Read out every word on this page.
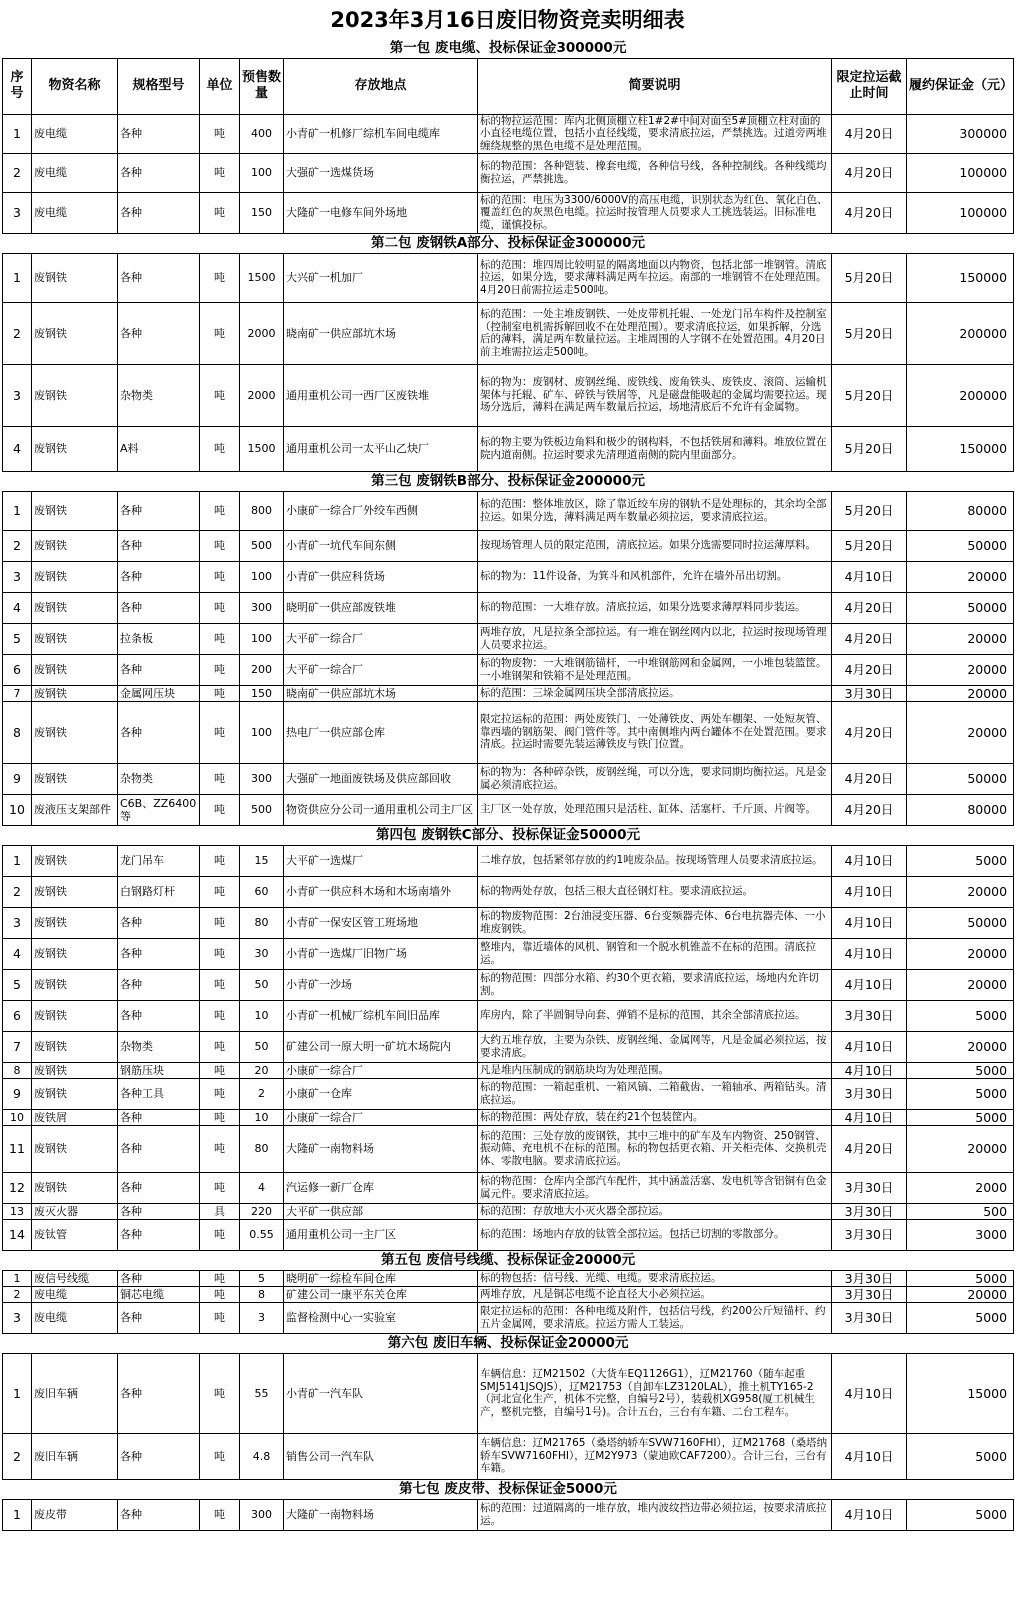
2023年3月16日废旧物资竞卖明细表
第一包 废电缆、投标保证金300000元								
序号	物资名称	规格型号	单位	预售数量	存放地点	简要说明	限定拉运截止时间	履约保证金（元）
1	废电缆	各种	吨	400	小青矿一机修厂综机车间电缆库	标的物拉运范围：库内北侧顶棚立柱1#2#中间对面至5#顶棚立柱对面的小直径电缆位置，包括小直径线缆，要求清底拉运，严禁挑选。过道旁两堆缠绕规整的黑色电缆不是处理范围。	4月20日	300000
2	废电缆	各种	吨	100	大强矿一选煤货场	标的物范围：各种铠装、橡套电缆，各种信号线，各种控制线。各种线缆均衡拉运，严禁挑选。	4月20日	100000
3	废电缆	各种	吨	150	大隆矿一电修车间外场地	标的范围：电压为3300/6000V的高压电缆，识别状态为红色、氧化白色、覆盖红色的灰黑色电缆。拉运时按管理人员要求人工挑选装运。旧标准电缆，谨慎投标。	4月20日	100000
第二包 废钢铁A部分、投标保证金300000元								
1	废钢铁	各种	吨	1500	大兴矿一机加厂	标的范围：堆四周比较明显的隔离地面以内物资，包括北部一堆钢管。清底拉运，如果分选，要求薄料满足两车拉运。南部的一堆钢管不在处理范围。4月20日前需拉运走500吨。	5月20日	150000
2	废钢铁	各种	吨	2000	晓南矿一供应部坑木场	标的范围：一处主堆废钢铁、一处皮带机托辊、一处龙门吊车构件及控制室（控制室电机需拆解回收不在处理范围）。要求清底拉运，如果拆解，分选后的薄料，满足两车数量拉运。主堆周围的人字钢不在处置范围。4月20日前主堆需拉运走500吨。	5月20日	200000
3	废钢铁	杂物类	吨	2000	通用重机公司一西厂区废铁堆	标的物为：废钢材、废钢丝绳、废铁线、废角铁头、废铁皮、滚筒、运输机架体与托辊、矿车、碎铁与铁屑等，凡是磁盘能吸起的金属均需要拉运。现场分选后，薄料在满足两车数量后拉运，场地清底后不允许有金属物。	5月20日	200000
4	废钢铁	A料	吨	1500	通用重机公司一太平山乙炔厂	标的物主要为铁板边角料和极少的钢构料，不包括铁屑和薄料。堆放位置在院内道南侧。拉运时要求先清理道南侧的院内里面部分。	5月20日	150000
第三包 废钢铁B部分、投标保证金200000元								
1	废钢铁	各种	吨	800	小康矿一综合厂外绞车西侧	标的范围：整体堆放区，除了靠近绞车房的钢轨不是处理标的，其余均全部拉运。如果分选，薄料满足两车数量必须拉运，要求清底拉运。	5月20日	80000
2	废钢铁	各种	吨	500	小青矿一坑代车间东侧	按现场管理人员的限定范围，清底拉运。如果分选需要同时拉运薄厚料。	5月20日	50000
3	废钢铁	各种	吨	100	小青矿一供应科货场	标的物为：11件设备，为箕斗和风机部件，允许在墙外吊出切割。	4月10日	20000
4	废钢铁	各种	吨	300	晓明矿一供应部废铁堆	标的物范围：一大堆存放。清底拉运，如果分选要求薄厚料同步装运。	4月20日	50000
5	废钢铁	拉条板	吨	100	大平矿一综合厂	两堆存放，凡是拉条全部拉运。有一堆在钢丝网内以北，拉运时按现场管理人员要求拉运。	4月20日	20000
6	废钢铁	各种	吨	200	大平矿一综合厂	标的物废物：一大堆钢筋锚杆，一中堆钢筋网和金属网，一小堆包装篮筐。一小堆钢架和铁箱不是处理范围。	4月20日	20000
7	废钢铁	金属网压块	吨	150	晓南矿一供应部坑木场	标的范围：三垛金属网压块全部清底拉运。	3月30日	20000
8	废钢铁	各种	吨	100	热电厂一供应部仓库	限定拉运标的范围：两处废铁门、一处薄铁皮、两处车棚架、一处短灰管、靠西墙的钢筋架、阀门管件等。其中南侧堆内两台罐体不在处置范围。要求清底。拉运时需要先装运薄铁皮与铁门位置。	4月20日	20000
9	废钢铁	杂物类	吨	300	大强矿一地面废铁场及供应部回收	标的物为：各种碎杂铁，废钢丝绳，可以分选，要求同期均衡拉运。凡是金属必须清底拉运。	4月20日	50000
10	废液压支架部件	C6B、ZZ6400等	吨	500	物资供应分公司一通用重机公司主厂区	主厂区一处存放，处理范围只是活柱、缸体、活塞杆、千斤顶、片阀等。	4月20日	80000
第四包 废钢铁C部分、投标保证金50000元								
1	废钢铁	龙门吊车	吨	15	大平矿一选煤厂	二堆存放，包括紧邻存放的约1吨废杂品。按现场管理人员要求清底拉运。	4月10日	5000
2	废钢铁	白钢路灯杆	吨	60	小青矿一供应科木场和木场南墙外	标的物两处存放，包括三根大直径钢灯柱。要求清底拉运。	4月10日	20000
3	废钢铁	各种	吨	80	小青矿一保安区管工班场地	标的物废物范围：2台油浸变压器、6台变频器壳体、6台电抗器壳体、一小堆废钢铁。	4月10日	50000
4	废钢铁	各种	吨	30	小青矿一选煤厂旧物广场	整堆内，靠近墙体的风机、钢管和一个脱水机锥盖不在标的范围。清底拉运。	4月10日	20000
5	废钢铁	各种	吨	50	小青矿一沙场	标的物范围：四部分水箱、约30个更衣箱，要求清底拉运，场地内允许切割。	4月10日	20000
6	废钢铁	各种	吨	10	小青矿一机械厂综机车间旧品库	库房内，除了半圆铜导向套、弹销不是标的范围，其余全部清底拉运。	3月30日	5000
7	废钢铁	杂物类	吨	50	矿建公司一原大明一矿坑木场院内	大约五堆存放，主要为杂铁、废钢丝绳、金属网等，凡是金属必须拉运，按要求清底。	4月10日	20000
8	废钢铁	钢筋压块	吨	20	小康矿一综合厂	凡是堆内压制成的钢筋块均为处理范围。	4月10日	5000
9	废钢铁	各种工具	吨	2	小康矿一仓库	标的物范围：一箱起重机、一箱风镐、二箱截齿、一箱轴承、两箱钻头。清底拉运。	3月30日	5000
10	废铁屑	各种	吨	10	小康矿一综合厂	标的物范围：两处存放，装在约21个包装筐内。	4月10日	5000
11	废钢铁	各种	吨	80	大隆矿一南物料场	标的范围：三处存放的废钢铁，其中三堆中的矿车及车内物资、250钢管、振动筛、充电机不在标的范围。标的物包括更衣箱、开关柜壳体、交换机壳体、零散电脑。要求清底拉运。	4月20日	20000
12	废钢铁	各种	吨	4	汽运修一新厂仓库	标的物范围：仓库内全部汽车配件，其中涵盖活塞、发电机等含铝铜有色金属元件。要求清底拉运。	3月30日	2000
13	废灭火器	各种	具	220	大平矿一供应部	标的范围：存放地大小灭火器全部拉运。	3月30日	500
14	废钛管	各种	吨	0.55	通用重机公司一主厂区	标的范围：场地内存放的钛管全部拉运。包括已切割的零散部分。	3月30日	3000
第五包 废信号线缆、投标保证金20000元								
1	废信号线缆	各种	吨	5	晓明矿一综检车间仓库	标的物包括：信号线、光缆、电缆。要求清底拉运。	3月30日	5000
2	废电缆	铜芯电缆	吨	8	矿建公司一康平东关仓库	两堆存放，凡是铜芯电缆不论直径大小必须拉运。	3月30日	20000
3	废电缆	各种	吨	3	监督检测中心一实验室	限定拉运标的范围：各种电缆及附件，包括信号线，约200公斤短锚杆、约五片金属网，要求清底。拉运方需人工装运。	3月30日	5000
第六包 废旧车辆、投标保证金20000元								
1	废旧车辆	各种	吨	55	小青矿一汽车队	车辆信息：辽M21502（大货车EQ1126G1），辽M21760（随车起重SMJ5141JSQJS），辽M21753（自卸车LZ3120LAL），推土机TY165-2（河北宣化生产，机体不完整，自编号2号），装载机XG958(厦工机械生产，整机完整，自编号1号)。合计五台，三台有车籍、二台工程车。	4月10日	15000
2	废旧车辆	各种	吨	4.8	销售公司一汽车队	车辆信息：辽M21765（桑塔纳轿车SVW7160FHI），辽M21768（桑塔纳轿车SVW7160FHI），辽M2Y973（蒙迪欧CAF7200）。合计三台，三台有车籍。	4月10日	5000
第七包 废皮带、投标保证金5000元								
1	废皮带	各种	吨	300	大隆矿一南物料场	标的范围：过道隔离的一堆存放，堆内波纹挡边带必须拉运，按要求清底拉运。	4月10日	5000
